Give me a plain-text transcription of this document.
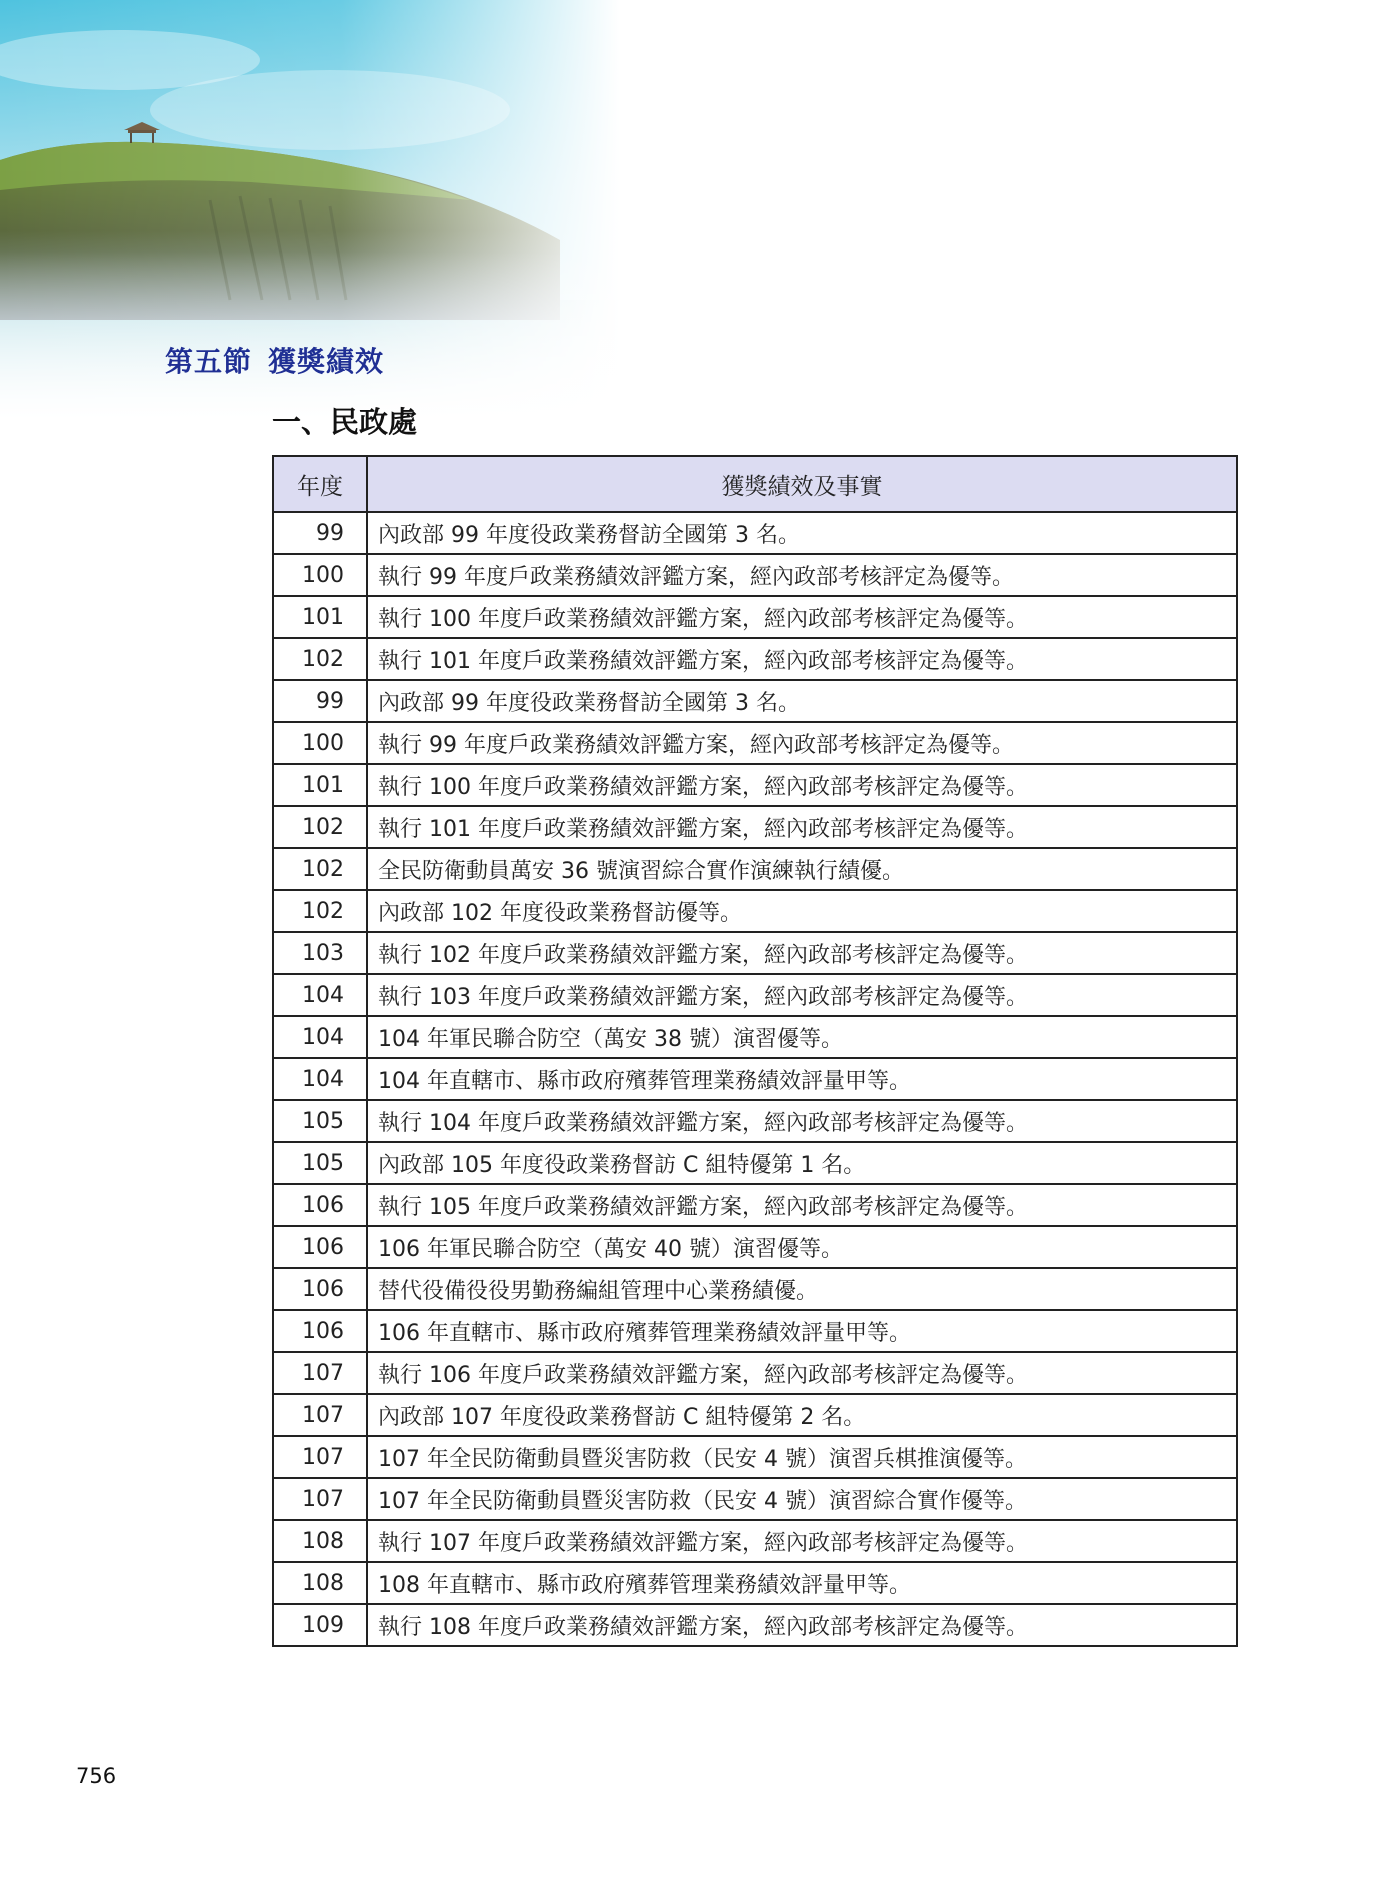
第五節 獲獎績效
一、民政處
年度	獲獎績效及事實
99	內政部 99 年度役政業務督訪全國第 3 名。
100	執行 99 年度戶政業務績效評鑑方案，經內政部考核評定為優等。
101	執行 100 年度戶政業務績效評鑑方案，經內政部考核評定為優等。
102	執行 101 年度戶政業務績效評鑑方案，經內政部考核評定為優等。
99	內政部 99 年度役政業務督訪全國第 3 名。
100	執行 99 年度戶政業務績效評鑑方案，經內政部考核評定為優等。
101	執行 100 年度戶政業務績效評鑑方案，經內政部考核評定為優等。
102	執行 101 年度戶政業務績效評鑑方案，經內政部考核評定為優等。
102	全民防衛動員萬安 36 號演習綜合實作演練執行績優。
102	內政部 102 年度役政業務督訪優等。
103	執行 102 年度戶政業務績效評鑑方案，經內政部考核評定為優等。
104	執行 103 年度戶政業務績效評鑑方案，經內政部考核評定為優等。
104	104 年軍民聯合防空（萬安 38 號）演習優等。
104	104 年直轄市、縣市政府殯葬管理業務績效評量甲等。
105	執行 104 年度戶政業務績效評鑑方案，經內政部考核評定為優等。
105	內政部 105 年度役政業務督訪 C 組特優第 1 名。
106	執行 105 年度戶政業務績效評鑑方案，經內政部考核評定為優等。
106	106 年軍民聯合防空（萬安 40 號）演習優等。
106	替代役備役役男勤務編組管理中心業務績優。
106	106 年直轄市、縣市政府殯葬管理業務績效評量甲等。
107	執行 106 年度戶政業務績效評鑑方案，經內政部考核評定為優等。
107	內政部 107 年度役政業務督訪 C 組特優第 2 名。
107	107 年全民防衛動員暨災害防救（民安 4 號）演習兵棋推演優等。
107	107 年全民防衛動員暨災害防救（民安 4 號）演習綜合實作優等。
108	執行 107 年度戶政業務績效評鑑方案，經內政部考核評定為優等。
108	108 年直轄市、縣市政府殯葬管理業務績效評量甲等。
109	執行 108 年度戶政業務績效評鑑方案，經內政部考核評定為優等。
756
